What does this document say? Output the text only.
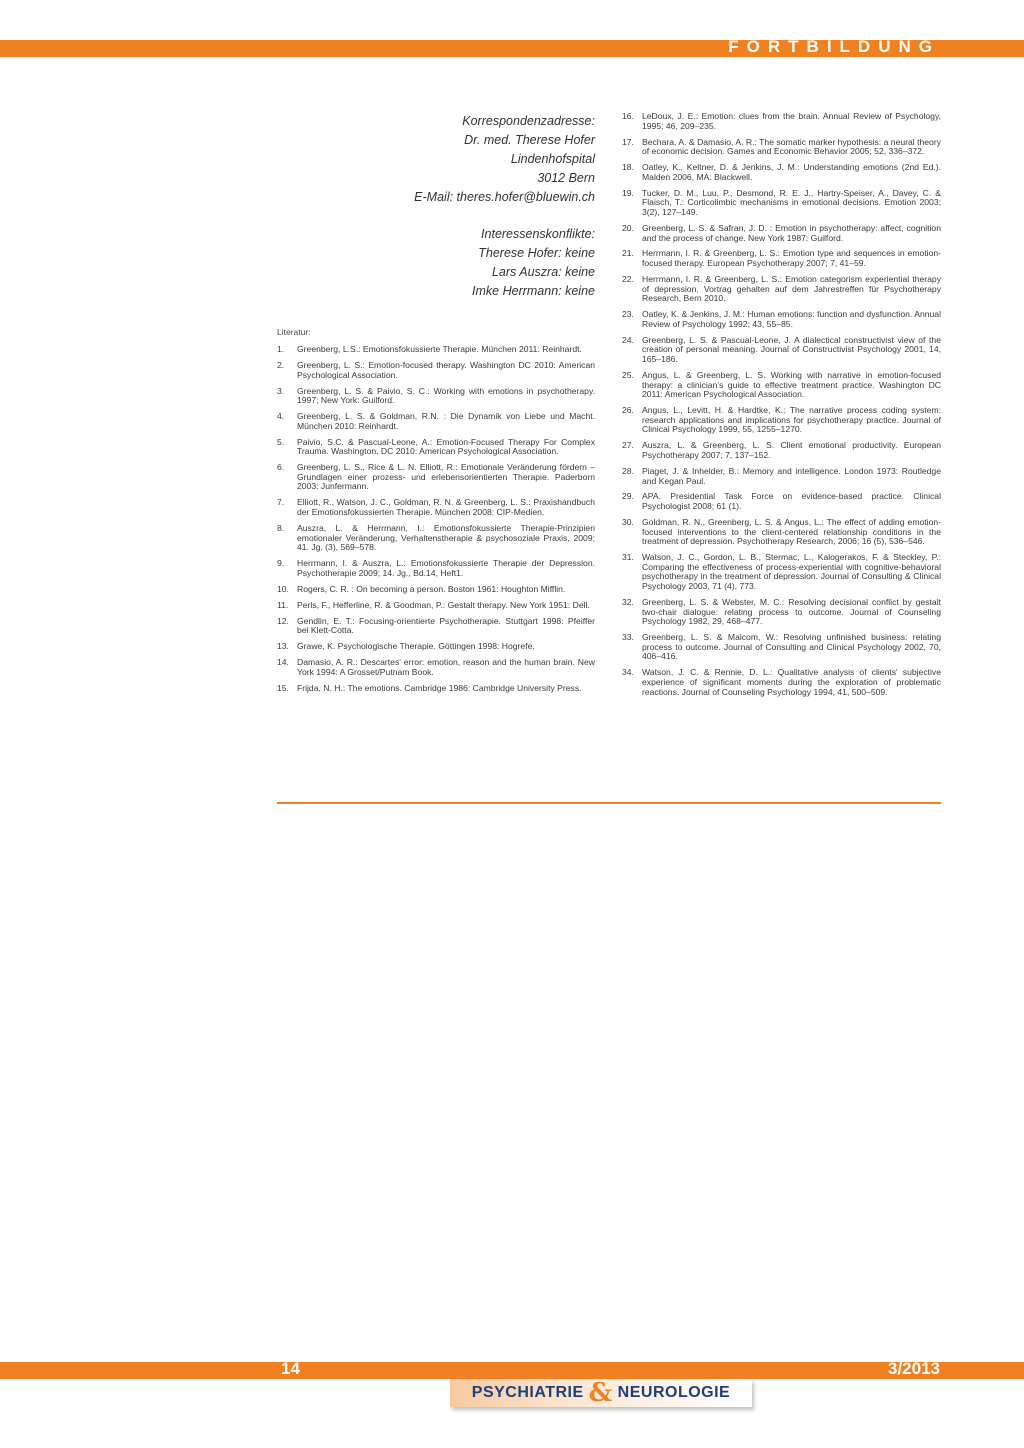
FORTBILDUNG
Korrespondenzadresse:
Dr. med. Therese Hofer
Lindenhofspital
3012 Bern
E-Mail: theres.hofer@bluewin.ch
Interessenskonflikte:
Therese Hofer: keine
Lars Auszra: keine
Imke Herrmann: keine
Literatur:
1.	Greenberg, L.S.: Emotionsfokussierte Therapie. München 2011: Reinhardt.
2.	Greenberg, L. S.: Emotion-focused therapy. Washington DC 2010: American Psychological Association.
3.	Greenberg, L. S. & Paivio, S. C.: Working with emotions in psychotherapy. 1997; New York: Guilford.
4.	Greenberg, L. S. & Goldman, R.N. : Die Dynamik von Liebe und Macht. München 2010: Reinhardt.
5.	Paivio, S.C. & Pascual-Leone, A.: Emotion-Focused Therapy For Complex Trauma. Washington, DC 2010: American Psychological Association.
6.	Greenberg, L. S., Rice & L. N. Elliott, R.: Emotionale Veränderung fördern – Grundlagen einer prozess- und erlebensorientierten Therapie. Paderborn 2003: Junfermann.
7.	Elliott, R., Watson, J. C., Goldman, R. N. & Greenberg, L. S.: Praxishandbuch der Emotionsfokussierten Therapie. München 2008: CIP-Medien.
8.	Auszra, L. & Herrmann, I.: Emotionsfokussierte Therapie-Prinzipien emotionaler Veränderung, Verhaltenstherapie & psychosoziale Praxis, 2009; 41. Jg. (3), 569–578.
9.	Herrmann, I. & Auszra, L.: Emotionsfokussierte Therapie der Depression. Psychotherapie 2009; 14. Jg., Bd.14, Heft1.
10. Rogers, C. R. : On becoming a person. Boston 1961: Houghton Mifflin.
11.	Perls, F., Hefferline, R. & Goodman, P.: Gestalt therapy. New York 1951: Dell.
12. Gendlin, E. T.: Focusing-orientierte Psychotherapie. Stuttgart 1998: Pfeiffer bei Klett-Cotta.
13. Grawe, K. Psychologische Therapie. Göttingen 1998: Hogrefe.
14. Damasio, A. R.: Descartes' error: emotion, reason and the human brain. New York 1994: A Grosset/Putnam Book.
15. Frijda, N. H.: The emotions. Cambridge 1986: Cambridge University Press.
16. LeDoux, J. E.: Emotion: clues from the brain. Annual Review of Psychology, 1995; 46, 209–235.
17. Bechara, A. & Damasio, A. R.: The somatic marker hypothesis: a neural theory of economic decision. Games and Economic Behavior 2005; 52, 336–372.
18. Oatley, K., Keltner, D. & Jenkins, J. M.: Understanding emotions (2nd Ed.). Malden 2006, MA: Blackwell.
19. Tucker, D. M., Luu, P., Desmond, R. E. J., Hartry-Speiser, A., Davey, C. & Flaisch, T.: Corticolimbic mechanisms in emotional decisions. Emotion 2003; 3(2), 127–149.
20. Greenberg, L. S. & Safran, J. D. : Emotion in psychotherapy: affect, cognition and the process of change. New York 1987: Guilford.
21. Herrmann, I. R. & Greenberg, L. S.: Emotion type and sequences in emotion-focused therapy. European Psychotherapy 2007; 7, 41–59.
22. Herrmann, I. R. & Greenberg, L. S.: Emotion categorism experiential therapy of depression. Vortrag gehalten auf dem Jahrestreffen für Psychotherapy Research, Bern 2010.
23. Oatley, K. & Jenkins, J. M.: Human emotions: function and dysfunction. Annual Review of Psychology 1992; 43, 55–85.
24. Greenberg, L. S. & Pascual-Leone, J. A dialectical constructivist view of the creation of personal meaning. Journal of Constructivist Psychology 2001, 14, 165–186.
25. Angus, L. & Greenberg, L. S. Working with narrative in emotion-focused therapy: a clinician's guide to effective treatment practice. Washington DC 2011: American Psychological Association.
26. Angus, L., Levitt, H. & Hardtke, K.: The narrative process coding system: research applications and implications for psychotherapy practice. Journal of Clinical Psychology 1999, 55, 1255–1270.
27. Auszra, L. & Greenberg, L. S. Client emotional productivity. European Psychotherapy 2007; 7, 137–152.
28. Piaget, J. & Inhelder, B.: Memory and intelligence. London 1973: Routledge and Kegan Paul.
29. APA. Presidential Task Force on evidence-based practice. Clinical Psychologist 2008; 61 (1).
30. Goldman, R. N., Greenberg, L. S. & Angus, L.: The effect of adding emotion-focused interventions to the client-centered relationship conditions in the treatment of depression. Psychotherapy Research, 2006; 16 (5), 536–546.
31. Watson, J. C., Gordon, L. B., Stermac, L., Kalogerakos, F. & Steckley, P.: Comparing the effectiveness of process-experiential with cognitive-behavioral psychotherapy in the treatment of depression. Journal of Consulting & Clinical Psychology 2003, 71 (4), 773.
32. Greenberg, L. S. & Webster, M. C.: Resolving decisional conflict by gestalt two-chair dialogue: relating process to outcome. Journal of Counseling Psychology 1982, 29, 468–477.
33. Greenberg, L. S. & Malcom, W.: Resolving unfinished business: relating process to outcome. Journal of Consulting and Clinical Psychology 2002, 70, 406–416.
34. Watson, J. C. & Rennie, D. L.: Qualitative analysis of clients' subjective experience of significant moments during the exploration of problematic reactions. Journal of Counseling Psychology 1994, 41, 500–509.
14	3/2013
PSYCHIATRIE & NEUROLOGIE
